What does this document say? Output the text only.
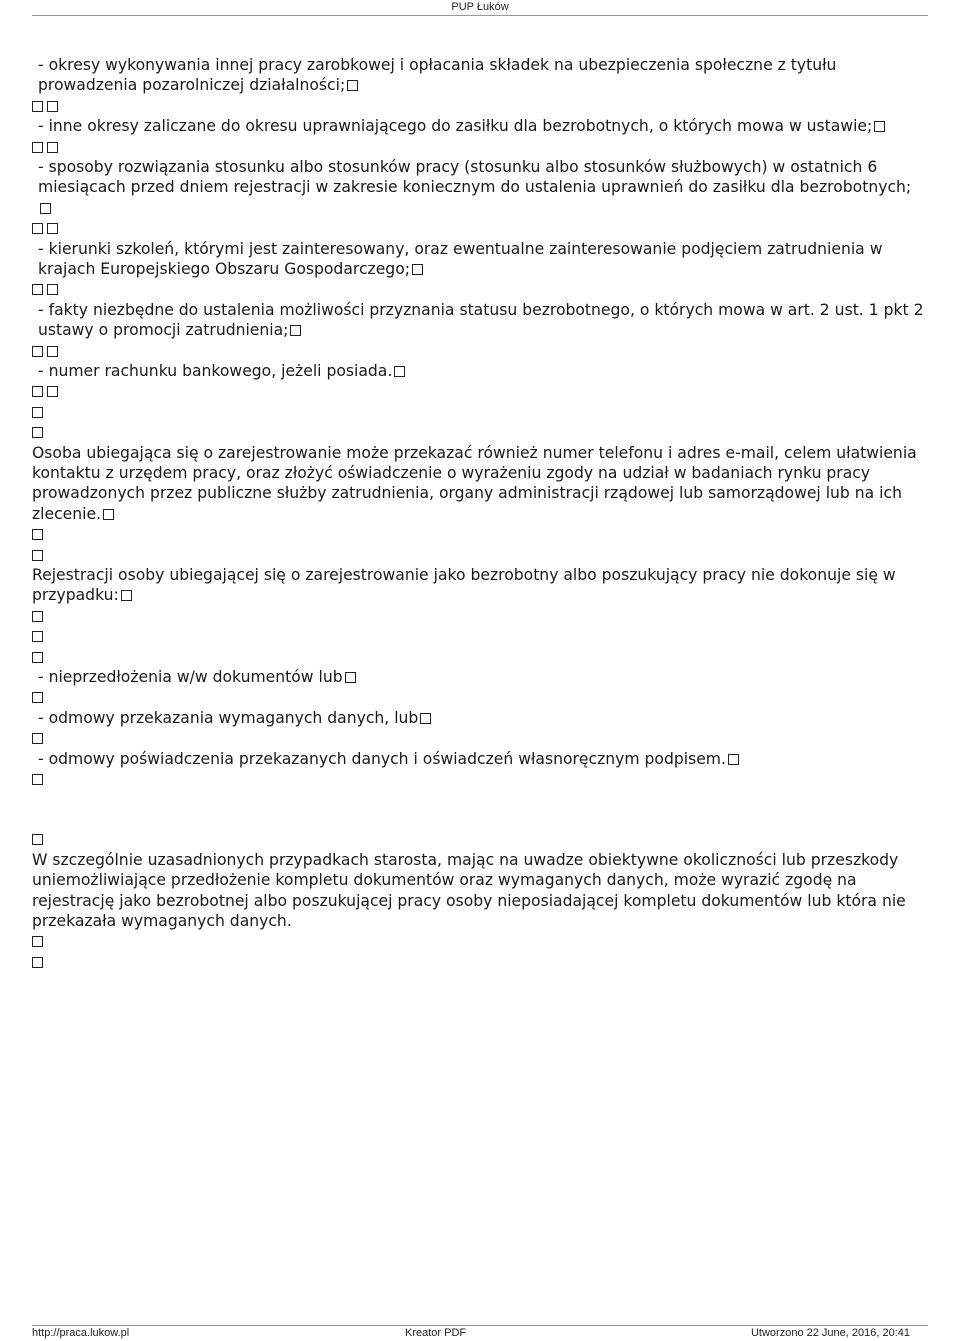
PUP Łuków
- okresy wykonywania innej pracy zarobkowej i opłacania składek na ubezpieczenia społeczne z tytułu prowadzenia pozarolniczej działalności;
- inne okresy zaliczane do okresu uprawniającego do zasiłku dla bezrobotnych, o których mowa w ustawie;
- sposoby rozwiązania stosunku albo stosunków pracy (stosunku albo stosunków służbowych) w ostatnich 6 miesiącach przed dniem rejestracji w zakresie koniecznym do ustalenia uprawnień do zasiłku dla bezrobotnych;
- kierunki szkoleń, którymi jest zainteresowany, oraz ewentualne zainteresowanie podjęciem zatrudnienia w krajach Europejskiego Obszaru Gospodarczego;
- fakty niezbędne do ustalenia możliwości przyznania statusu bezrobotnego, o których mowa w art. 2 ust. 1 pkt 2 ustawy o promocji zatrudnienia;
- numer rachunku bankowego, jeżeli posiada.
Osoba ubiegająca się o zarejestrowanie może przekazać również numer telefonu i adres e-mail, celem ułatwienia kontaktu z urzędem pracy, oraz złożyć oświadczenie o wyrażeniu zgody na udział w badaniach rynku pracy prowadzonych przez publiczne służby zatrudnienia, organy administracji rządowej lub samorządowej lub na ich zlecenie.
Rejestracji osoby ubiegającej się o zarejestrowanie jako bezrobotny albo poszukujący pracy nie dokonuje się w przypadku:
- nieprzedłożenia w/w dokumentów lub
- odmowy przekazania wymaganych danych, lub
- odmowy poświadczenia przekazanych danych i oświadczeń własnoręcznym podpisem.
W szczególnie uzasadnionych przypadkach starosta, mając na uwadze obiektywne okoliczności lub przeszkody uniemożliwiające przedłożenie kompletu dokumentów oraz wymaganych danych, może wyrazić zgodę na rejestrację jako bezrobotnej albo poszukującej pracy osoby nieposiadającej kompletu dokumentów lub która nie przekazała wymaganych danych.
http://praca.lukow.pl	Kreator PDF	Utworzono 22 June, 2016, 20:41
